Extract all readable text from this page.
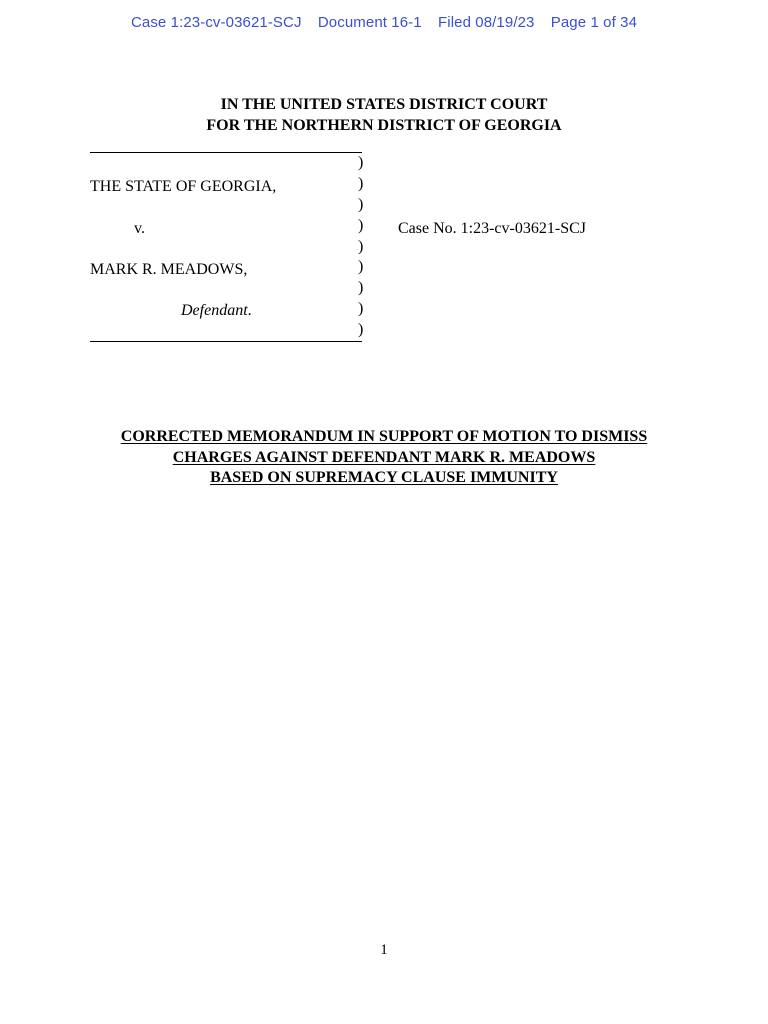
Case 1:23-cv-03621-SCJ Document 16-1 Filed 08/19/23 Page 1 of 34
IN THE UNITED STATES DISTRICT COURT
FOR THE NORTHERN DISTRICT OF GEORGIA
)
)
)
)
)
)
)
)
)
THE STATE OF GEORGIA,
v.
MARK R. MEADOWS,
Defendant.
Case No. 1:23-cv-03621-SCJ
CORRECTED MEMORANDUM IN SUPPORT OF MOTION TO DISMISS
CHARGES AGAINST DEFENDANT MARK R. MEADOWS
BASED ON SUPREMACY CLAUSE IMMUNITY
1
